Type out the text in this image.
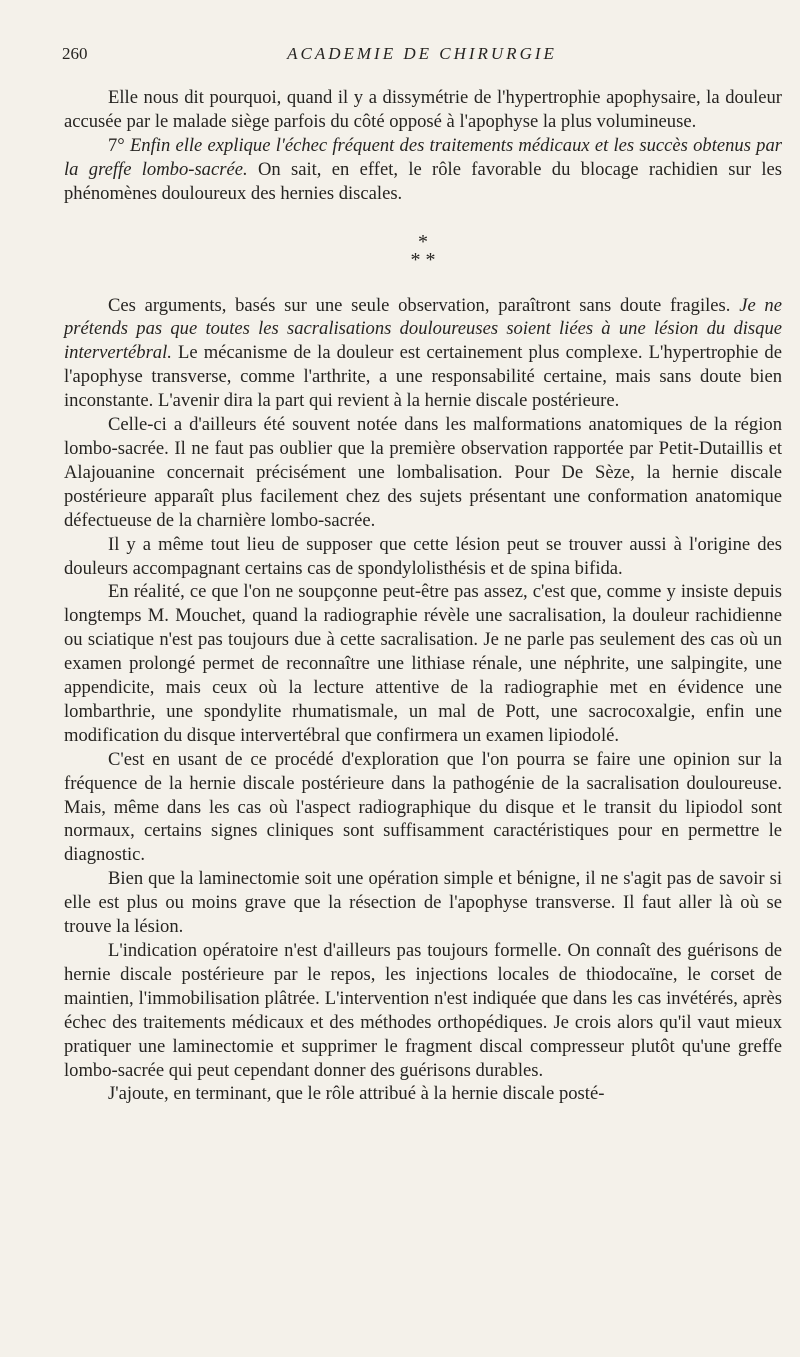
260	ACADEMIE DE CHIRURGIE

Elle nous dit pourquoi, quand il y a dissymétrie de l'hypertrophie apophysaire, la douleur accusée par le malade siège parfois du côté opposé à l'apophyse la plus volumineuse.

7° Enfin elle explique l'échec fréquent des traitements médicaux et les succès obtenus par la greffe lombo-sacrée. On sait, en effet, le rôle favorable du blocage rachidien sur les phénomènes douloureux des hernies discales.

*
* *

Ces arguments, basés sur une seule observation, paraîtront sans doute fragiles. Je ne prétends pas que toutes les sacralisations douloureuses soient liées à une lésion du disque intervertébral. Le mécanisme de la douleur est certainement plus complexe. L'hypertrophie de l'apophyse transverse, comme l'arthrite, a une responsabilité certaine, mais sans doute bien inconstante. L'avenir dira la part qui revient à la hernie discale postérieure.

Celle-ci a d'ailleurs été souvent notée dans les malformations anatomiques de la région lombo-sacrée. Il ne faut pas oublier que la première observation rapportée par Petit-Dutaillis et Alajouanine concernait précisément une lombalisation. Pour De Sèze, la hernie discale postérieure apparaît plus facilement chez des sujets présentant une conformation anatomique défectueuse de la charnière lombo-sacrée.

Il y a même tout lieu de supposer que cette lésion peut se trouver aussi à l'origine des douleurs accompagnant certains cas de spondylolisthésis et de spina bifida.

En réalité, ce que l'on ne soupçonne peut-être pas assez, c'est que, comme y insiste depuis longtemps M. Mouchet, quand la radiographie révèle une sacralisation, la douleur rachidienne ou sciatique n'est pas toujours due à cette sacralisation. Je ne parle pas seulement des cas où un examen prolongé permet de reconnaître une lithiase rénale, une néphrite, une salpingite, une appendicite, mais ceux où la lecture attentive de la radiographie met en évidence une lombarthrie, une spondylite rhumatismale, un mal de Pott, une sacrocoxalgie, enfin une modification du disque intervertébral que confirmera un examen lipiodolé.

C'est en usant de ce procédé d'exploration que l'on pourra se faire une opinion sur la fréquence de la hernie discale postérieure dans la pathogénie de la sacralisation douloureuse. Mais, même dans les cas où l'aspect radiographique du disque et le transit du lipiodol sont normaux, certains signes cliniques sont suffisamment caractéristiques pour en permettre le diagnostic.

Bien que la laminectomie soit une opération simple et bénigne, il ne s'agit pas de savoir si elle est plus ou moins grave que la résection de l'apophyse transverse. Il faut aller là où se trouve la lésion.

L'indication opératoire n'est d'ailleurs pas toujours formelle. On connaît des guérisons de hernie discale postérieure par le repos, les injections locales de thiodocaïne, le corset de maintien, l'immobilisation plâtrée. L'intervention n'est indiquée que dans les cas invétérés, après échec des traitements médicaux et des méthodes orthopédiques. Je crois alors qu'il vaut mieux pratiquer une laminectomie et supprimer le fragment discal compresseur plutôt qu'une greffe lombo-sacrée qui peut cependant donner des guérisons durables.

J'ajoute, en terminant, que le rôle attribué à la hernie discale posté-
